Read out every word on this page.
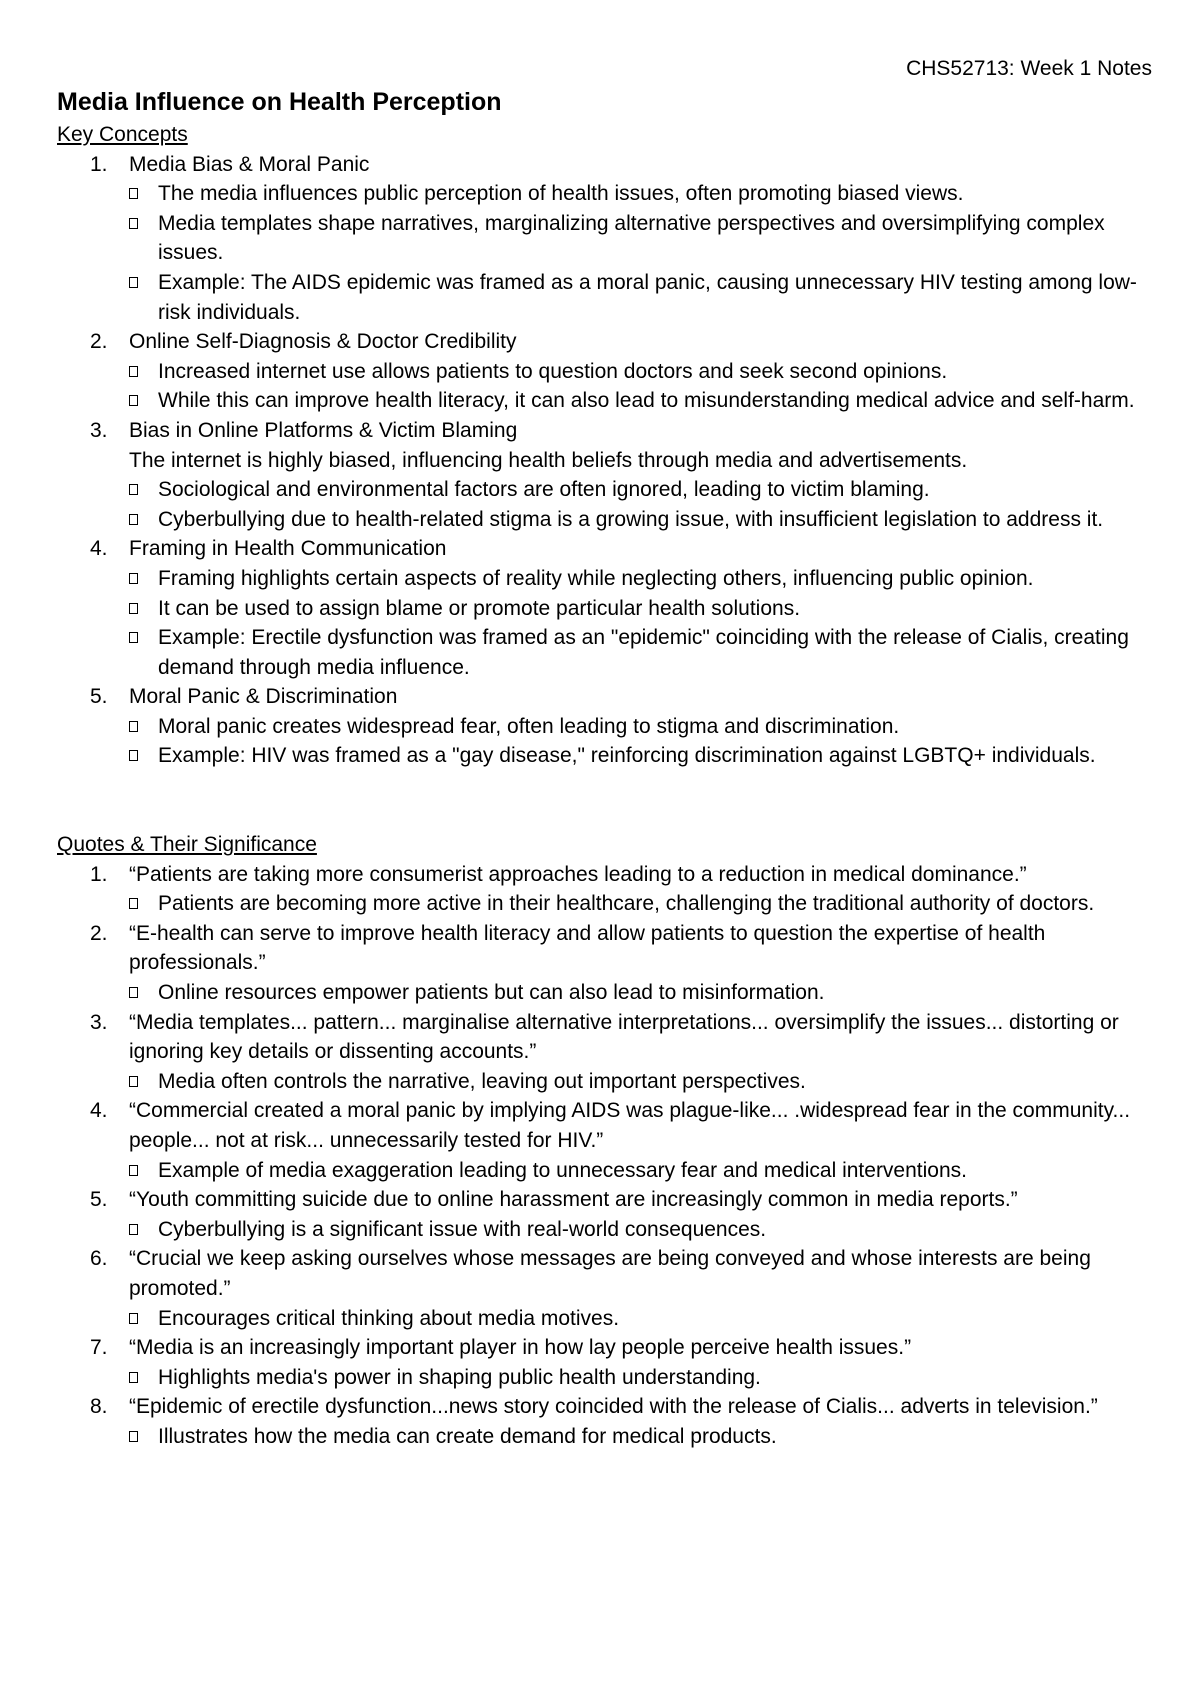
CHS52713: Week 1 Notes
Media Influence on Health Perception
Key Concepts
1. Media Bias & Moral Panic
The media influences public perception of health issues, often promoting biased views.
Media templates shape narratives, marginalizing alternative perspectives and oversimplifying complex issues.
Example: The AIDS epidemic was framed as a moral panic, causing unnecessary HIV testing among low-risk individuals.
2. Online Self-Diagnosis & Doctor Credibility
Increased internet use allows patients to question doctors and seek second opinions.
While this can improve health literacy, it can also lead to misunderstanding medical advice and self-harm.
3. Bias in Online Platforms & Victim Blaming
The internet is highly biased, influencing health beliefs through media and advertisements.
Sociological and environmental factors are often ignored, leading to victim blaming.
Cyberbullying due to health-related stigma is a growing issue, with insufficient legislation to address it.
4. Framing in Health Communication
Framing highlights certain aspects of reality while neglecting others, influencing public opinion.
It can be used to assign blame or promote particular health solutions.
Example: Erectile dysfunction was framed as an "epidemic" coinciding with the release of Cialis, creating demand through media influence.
5. Moral Panic & Discrimination
Moral panic creates widespread fear, often leading to stigma and discrimination.
Example: HIV was framed as a "gay disease," reinforcing discrimination against LGBTQ+ individuals.
Quotes & Their Significance
1. “Patients are taking more consumerist approaches leading to a reduction in medical dominance.”
Patients are becoming more active in their healthcare, challenging the traditional authority of doctors.
2. “E-health can serve to improve health literacy and allow patients to question the expertise of health professionals.”
Online resources empower patients but can also lead to misinformation.
3. “Media templates... pattern... marginalise alternative interpretations... oversimplify the issues... distorting or ignoring key details or dissenting accounts.”
Media often controls the narrative, leaving out important perspectives.
4. “Commercial created a moral panic by implying AIDS was plague-like... .widespread fear in the community... people... not at risk... unnecessarily tested for HIV.”
Example of media exaggeration leading to unnecessary fear and medical interventions.
5. “Youth committing suicide due to online harassment are increasingly common in media reports.”
Cyberbullying is a significant issue with real-world consequences.
6. “Crucial we keep asking ourselves whose messages are being conveyed and whose interests are being promoted.”
Encourages critical thinking about media motives.
7. “Media is an increasingly important player in how lay people perceive health issues.”
Highlights media's power in shaping public health understanding.
8. “Epidemic of erectile dysfunction...news story coincided with the release of Cialis... adverts in television.”
Illustrates how the media can create demand for medical products.
